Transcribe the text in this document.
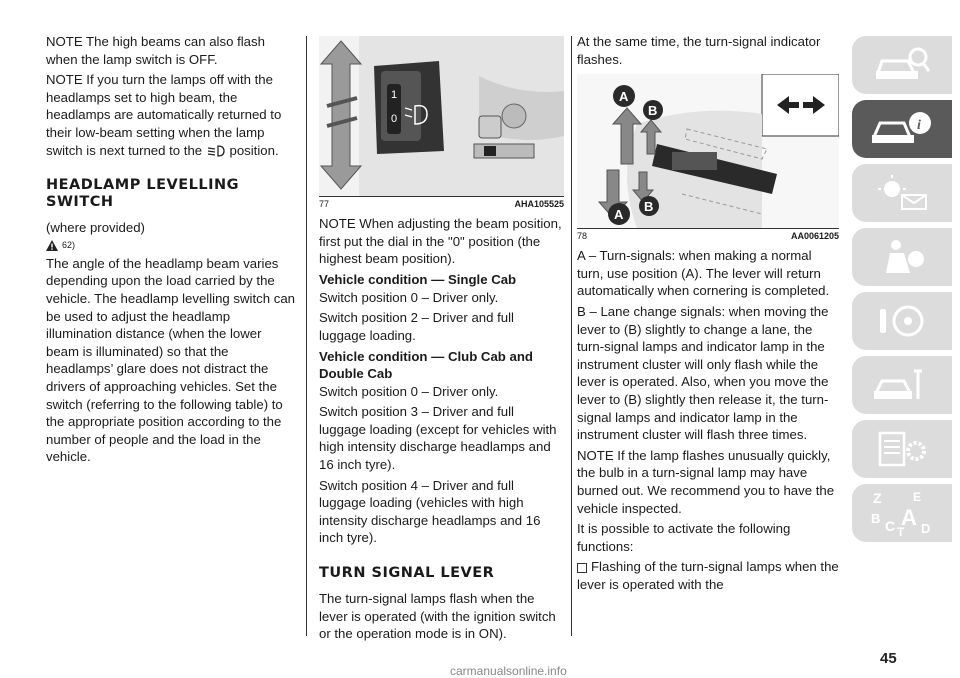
NOTE The high beams can also flash when the lamp switch is OFF.

NOTE If you turn the lamps off with the headlamps set to high beam, the headlamps are automatically returned to their low-beam setting when the lamp switch is next turned to the position.

HEADLAMP LEVELLING SWITCH

(where provided)

62)

The angle of the headlamp beam varies depending upon the load carried by the vehicle. The headlamp levelling switch can be used to adjust the headlamp illumination distance (when the lower beam is illuminated) so that the headlamps’ glare does not distract the drivers of approaching vehicles. Set the switch (referring to the following table) to the appropriate position according to the number of people and the load in the vehicle.

1
0
77	AHA105525

NOTE When adjusting the beam position, first put the dial in the "0" position (the highest beam position).

Vehicle condition — Single Cab

Switch position 0 – Driver only.

Switch position 2 – Driver and full luggage loading.

Vehicle condition — Club Cab and Double Cab

Switch position 0 – Driver only.

Switch position 3 – Driver and full luggage loading (except for vehicles with high intensity discharge headlamps and 16 inch tyre).

Switch position 4 – Driver and full luggage loading (vehicles with high intensity discharge headlamps and 16 inch tyre).

TURN SIGNAL LEVER

The turn-signal lamps flash when the lever is operated (with the ignition switch or the operation mode is in ON).

At the same time, the turn-signal indicator flashes.

A
B
B
A
78	AA0061205

A – Turn-signals: when making a normal turn, use position (A). The lever will return automatically when cornering is completed.

B – Lane change signals: when moving the lever to (B) slightly to change a lane, the turn-signal lamps and indicator lamp in the instrument cluster will only flash while the lever is operated. Also, when you move the lever to (B) slightly then release it, the turn-signal lamps and indicator lamp in the instrument cluster will flash three times.

NOTE If the lamp flashes unusually quickly, the bulb in a turn-signal lamp may have burned out. We recommend you to have the vehicle inspected.

It is possible to activate the following functions:

Flashing of the turn-signal lamps when the lever is operated with the

i
Z	E
B A
C T D
45
carmanualsonline.info
